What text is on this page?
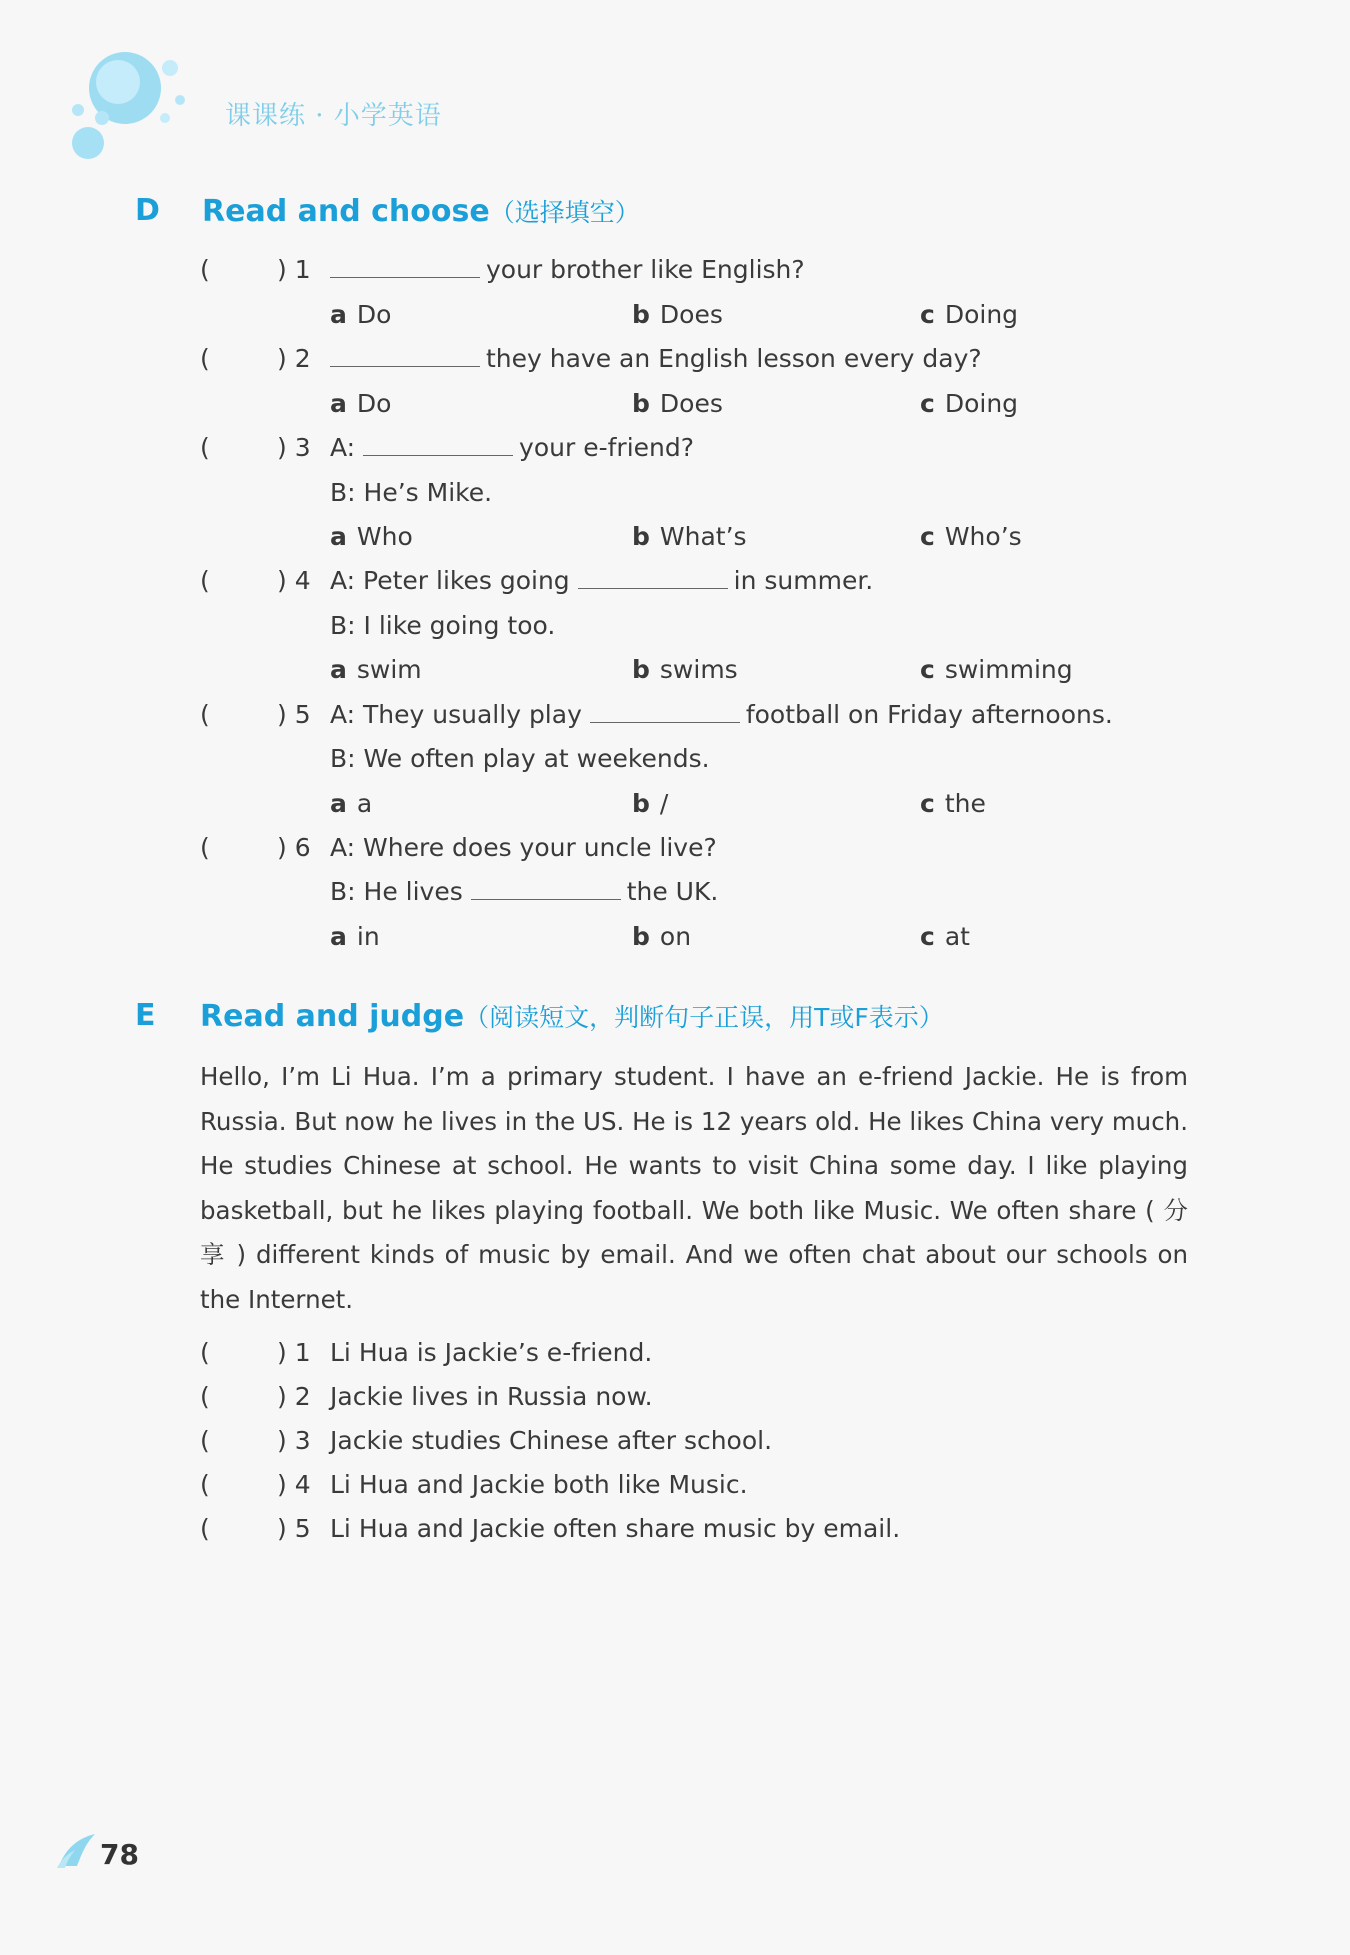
课课练 · 小学英语
D Read and choose（选择填空）
(	) 1	your brother like English?
a Do	b Does	c Doing
(	) 2	they have an English lesson every day?
a Do	b Does	c Doing
(	) 3 A:	your e-friend?
B: He’s Mike.
a Who	b What’s	c Who’s
(	) 4 A: Peter likes going	in summer.
B: I like going too.
a swim	b swims	c swimming
(	) 5 A: They usually play	football on Friday afternoons.
B: We often play at weekends.
a a	b /	c the
(	) 6 A: Where does your uncle live?
B: He lives	the UK.
a in	b on	c at
E Read and judge（阅读短文，判断句子正误，用T或F表示）
Hello, I’m Li Hua. I’m a primary student. I have an e-friend Jackie. He is from Russia. But now he lives in the US. He is 12 years old. He likes China very much. He studies Chinese at school. He wants to visit China some day. I like playing basketball, but he likes playing football. We both like Music. We often share ( 分享 ) different kinds of music by email. And we often chat about our schools on the Internet.
(	) 1 Li Hua is Jackie’s e-friend.
(	) 2 Jackie lives in Russia now.
(	) 3 Jackie studies Chinese after school.
(	) 4 Li Hua and Jackie both like Music.
(	) 5 Li Hua and Jackie often share music by email.
78
